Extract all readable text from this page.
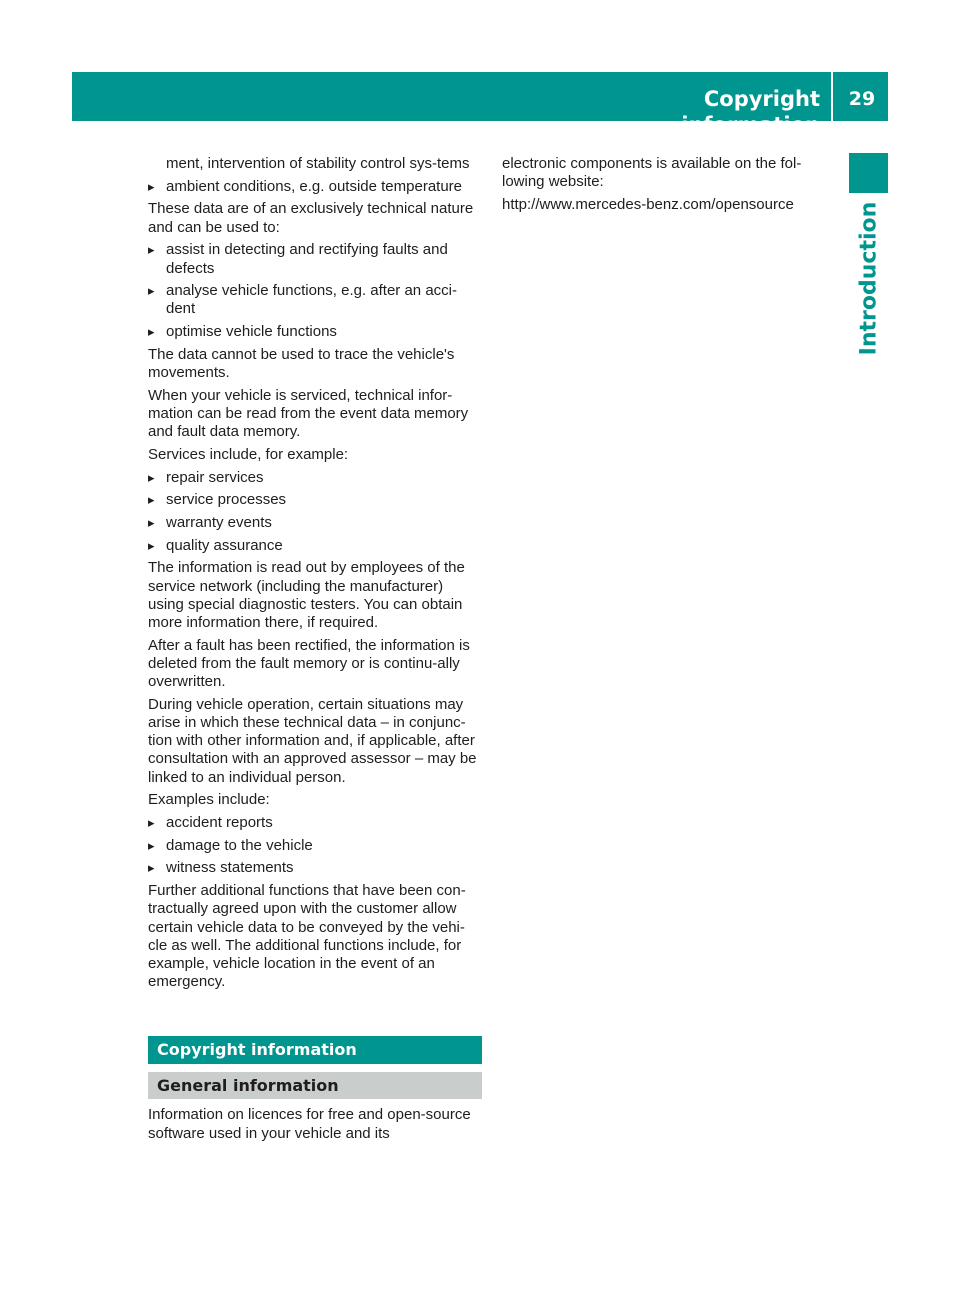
Copyright information
29
Introduction
ment, intervention of stability control sys-tems
▸ ambient conditions, e.g. outside temperature
These data are of an exclusively technical nature and can be used to:
▸ assist in detecting and rectifying faults and defects
▸ analyse vehicle functions, e.g. after an acci-dent
▸ optimise vehicle functions
The data cannot be used to trace the vehicle's movements.
When your vehicle is serviced, technical infor-mation can be read from the event data memory and fault data memory.
Services include, for example:
▸ repair services
▸ service processes
▸ warranty events
▸ quality assurance
The information is read out by employees of the service network (including the manufacturer) using special diagnostic testers. You can obtain more information there, if required.
After a fault has been rectified, the information is deleted from the fault memory or is continu-ally overwritten.
During vehicle operation, certain situations may arise in which these technical data – in conjunc-tion with other information and, if applicable, after consultation with an approved assessor – may be linked to an individual person.
Examples include:
▸ accident reports
▸ damage to the vehicle
▸ witness statements
Further additional functions that have been con-tractually agreed upon with the customer allow certain vehicle data to be conveyed by the vehi-cle as well. The additional functions include, for example, vehicle location in the event of an emergency.
Copyright information
General information
Information on licences for free and open-source software used in your vehicle and its
electronic components is available on the fol-lowing website:
http://www.mercedes-benz.com/opensource
